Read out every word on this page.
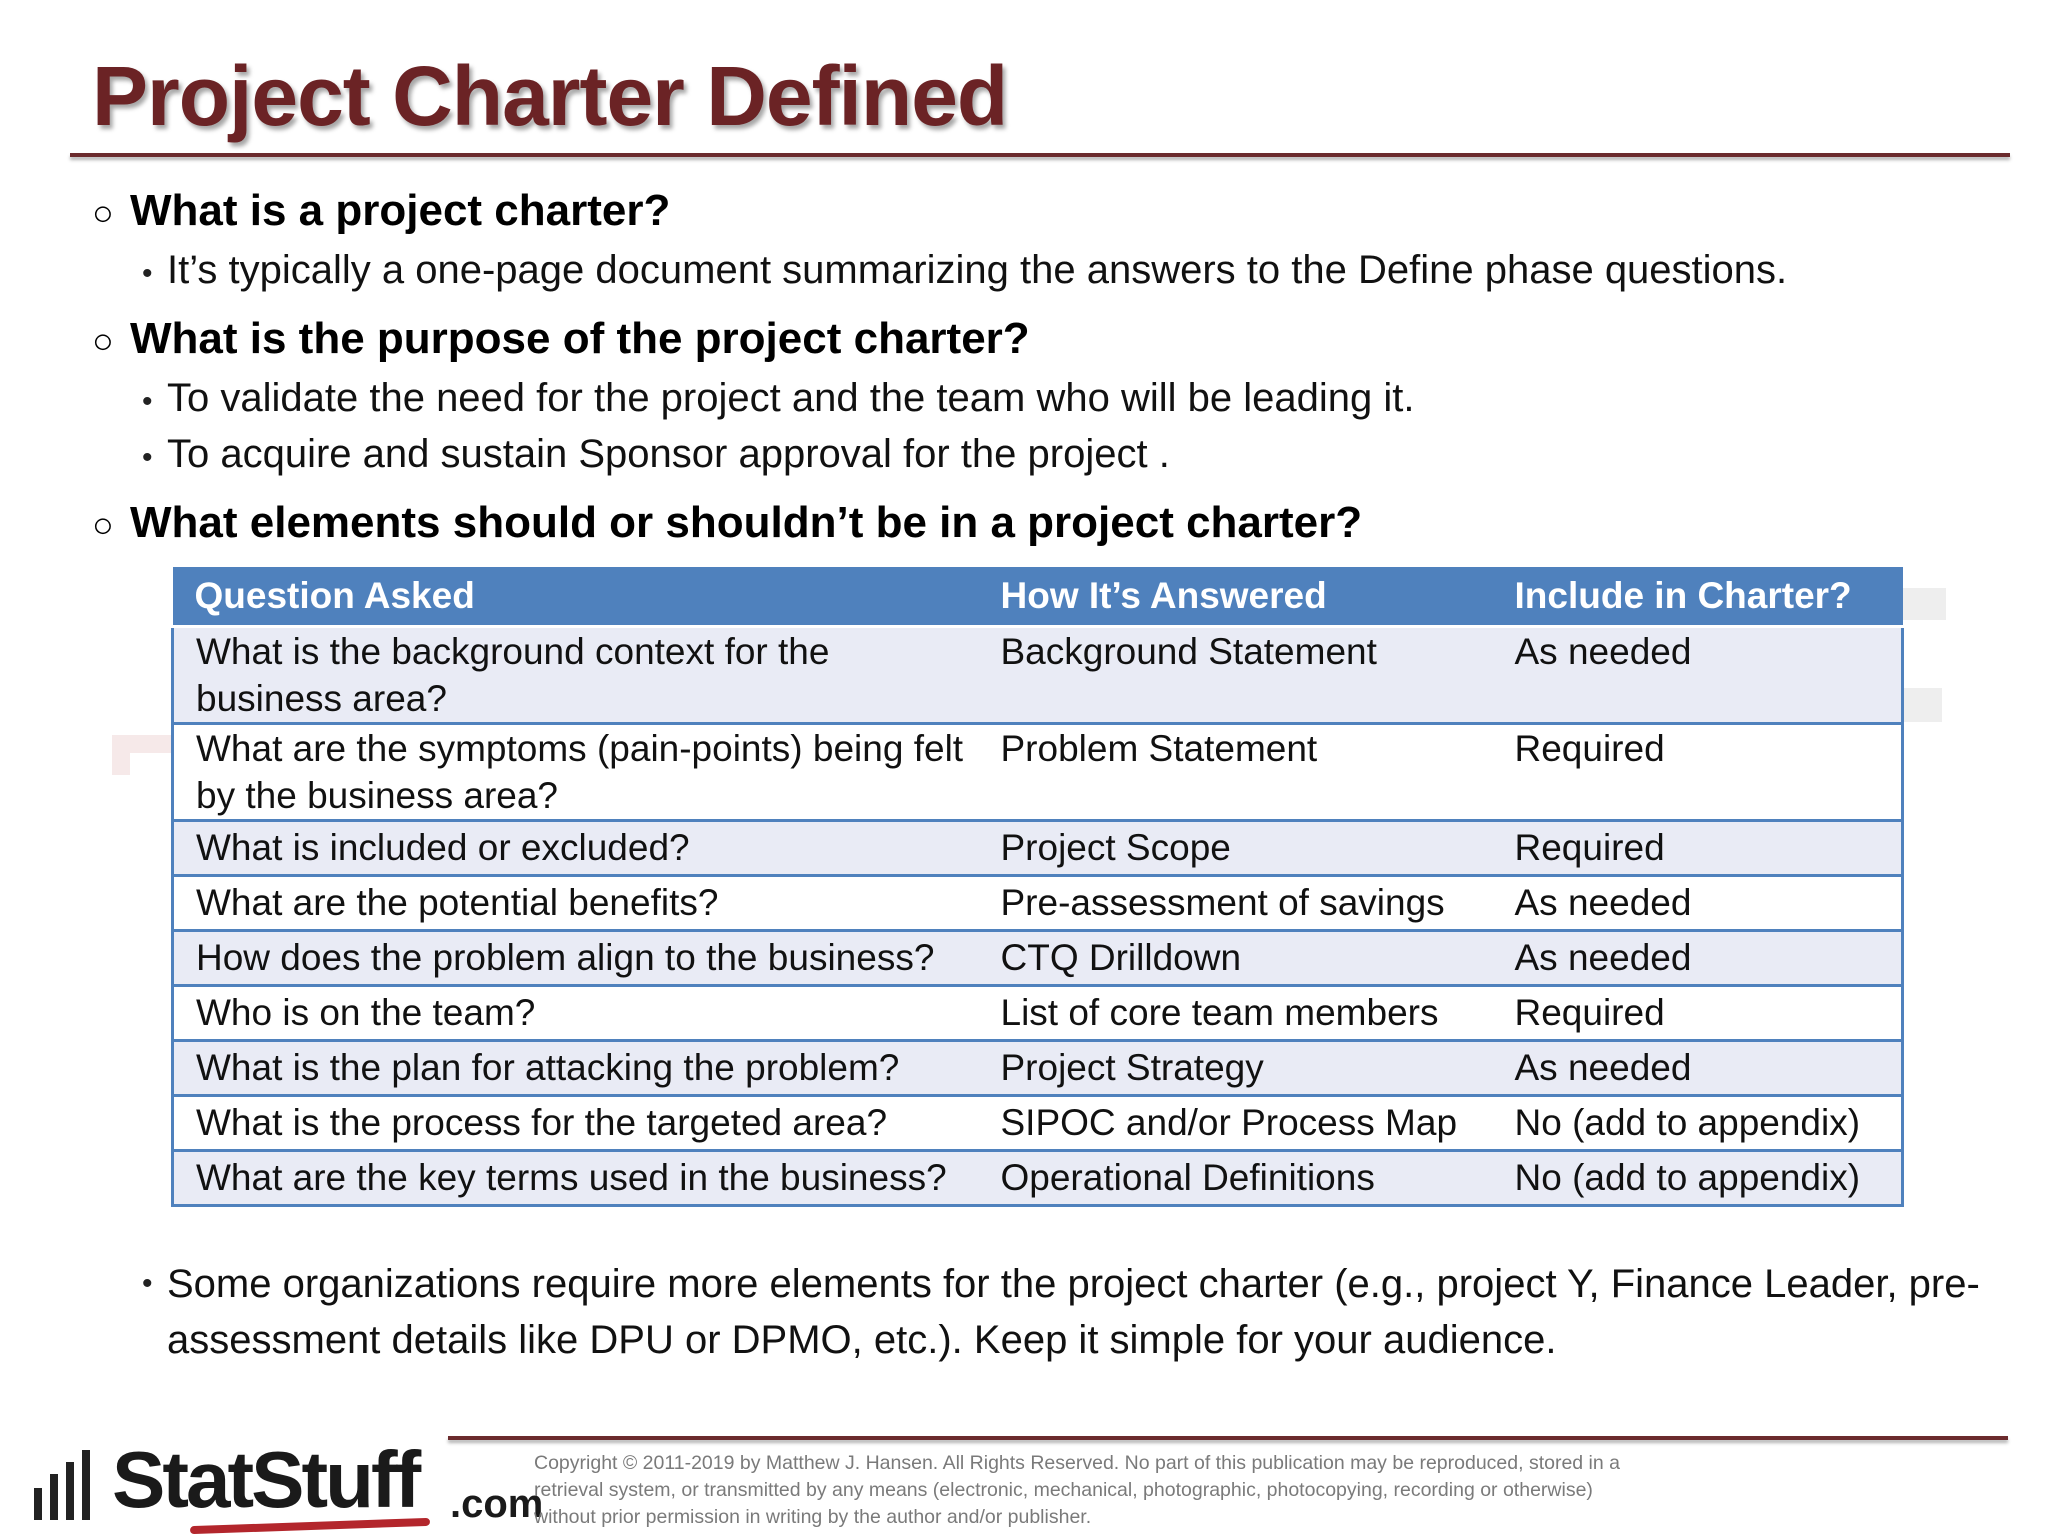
Project Charter Defined

○ What is a project charter?

• It’s typically a one-page document summarizing the answers to the Define phase questions.

○ What is the purpose of the project charter?

• To validate the need for the project and the team who will be leading it.

• To acquire and sustain Sponsor approval for the project .

○ What elements should or shouldn’t be in a project charter?

Question Asked	How It’s Answered	Include in Charter?
What is the background context for the business area?	Background Statement	As needed
What are the symptoms (pain-points) being felt by the business area?	Problem Statement	Required
What is included or excluded?	Project Scope	Required
What are the potential benefits?	Pre-assessment of savings	As needed
How does the problem align to the business?	CTQ Drilldown	As needed
Who is on the team?	List of core team members	Required
What is the plan for attacking the problem?	Project Strategy	As needed
What is the process for the targeted area?	SIPOC and/or Process Map	No (add to appendix)
What are the key terms used in the business?	Operational Definitions	No (add to appendix)

• Some organizations require more elements for the project charter (e.g., project Y, Finance Leader, pre-assessment details like DPU or DPMO, etc.). Keep it simple for your audience.

StatStuff .com

Copyright © 2011-2019 by Matthew J. Hansen. All Rights Reserved. No part of this publication may be reproduced, stored in a retrieval system, or transmitted by any means (electronic, mechanical, photographic, photocopying, recording or otherwise) without prior permission in writing by the author and/or publisher.
